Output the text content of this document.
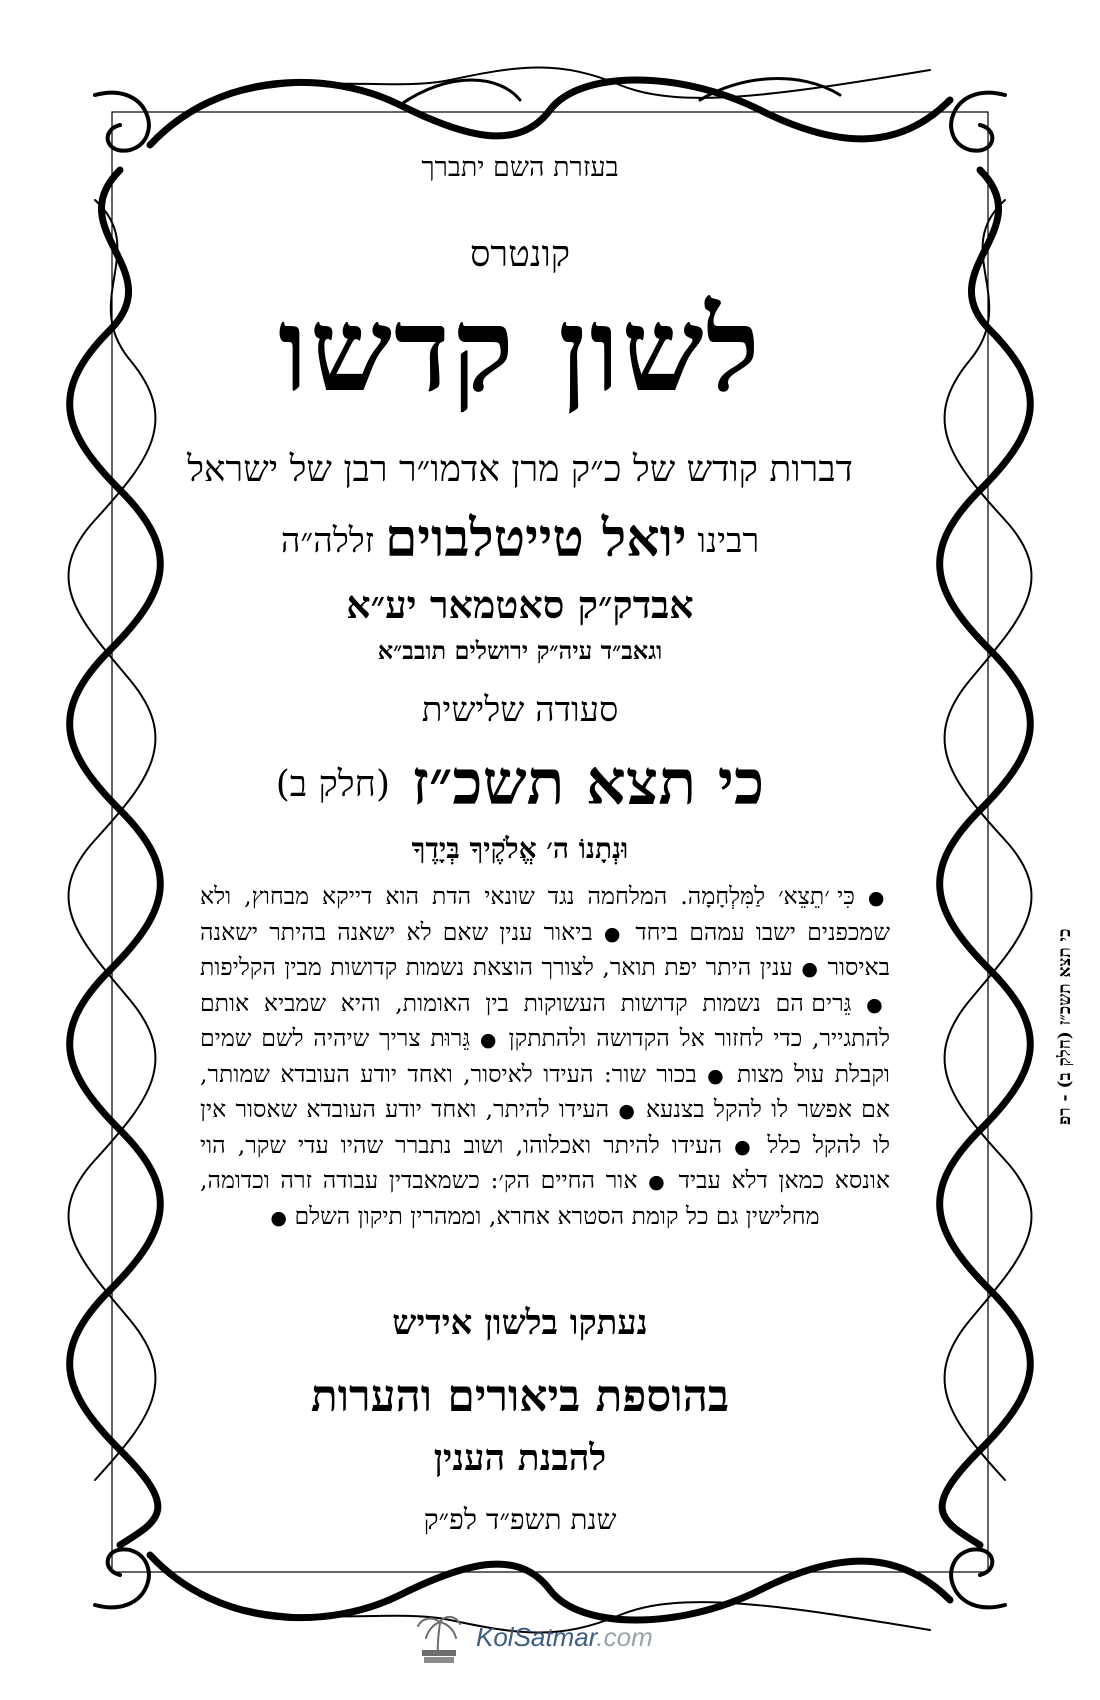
בעזרת השם יתברך
קונטרס
לשון קדשו
דברות קודש של כ״ק מרן אדמו״ר רבן של ישראל
רבינו יואל טייטלבוים זללה״ה
אבדק״ק סאטמאר יע״א
וגאב״ד עיה״ק ירושלים תובב״א
סעודה שלישית
כי תצא תשכ״ז (חלק ב)
וּנְתָנוֹ ה׳ אֱלֹקֶיךָ בְּיָדֶךָ
● כִּי ׳תֵצֵא׳ לַמִּלְחָמָה. המלחמה נגד שונאי הדת הוא דייקא מבחוץ, ולא שמכפנים ישבו עמהם ביחד ● ביאור ענין שאם לא ישאנה בהיתר ישאנה באיסור ● ענין היתר יפת תואר, לצורך הוצאת נשמות קדושות מבין הקליפות ● גֵּרים הם נשמות קדושות העשוקות בין האומות, והיא שמביא אותם להתגייר, כדי לחזור אל הקדושה ולהתתקן ● גֵּרוּת צריך שיהיה לשם שמים וקבלת עול מצות ● בכור שור: העידו לאיסור, ואחד יודע העובדא שמותר, אם אפשר לו להקל בצנעא ● העידו להיתר, ואחד יודע העובדא שאסור אין לו להקל כלל ● העידו להיתר ואכלוהו, ושוב נתברר שהיו עדי שקר, הוי אונסא כמאן דלא עביד ● אור החיים הק׳: כשמאבדין עבודה זרה וכדומה, מחלישין גם כל קומת הסטרא אחרא, וממהרין תיקון השלם ●
נעתקו בלשון אידיש
בהוספת ביאורים והערות
להבנת הענין
שנת תשפ״ד לפ״ק
כי תצא תשכ״ז (חלק ב) - רפ
KolSatmar.com
